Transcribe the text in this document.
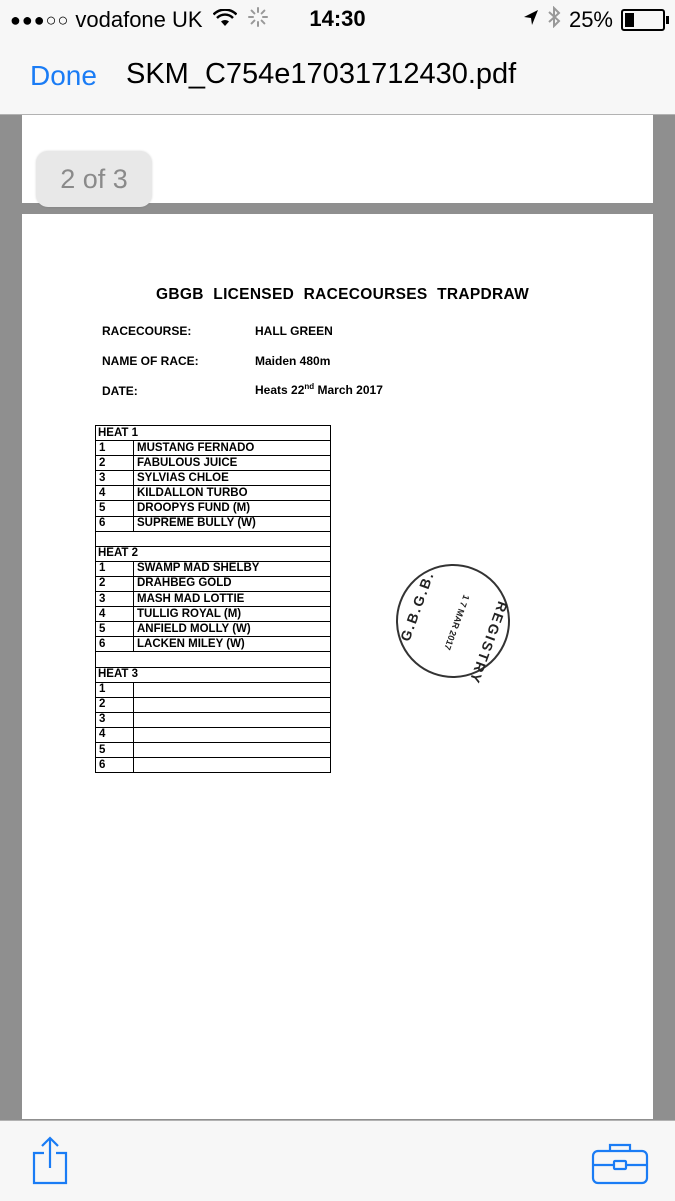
●●●○○ vodafone UK	14:30	25%
Done SKM_C754e17031712430.pdf
2 of 3
GBGB LICENSED RACECOURSES TRAPDRAW
RACECOURSE:	HALL GREEN
NAME OF RACE:	Maiden 480m
DATE:	Heats 22nd March 2017
HEAT 1	
1	MUSTANG FERNADO
2	FABULOUS JUICE
3	SYLVIAS CHLOE
4	KILDALLON TURBO
5	DROOPYS FUND (M)
6	SUPREME BULLY (W)

HEAT 2	
1	SWAMP MAD SHELBY
2	DRAHBEG GOLD
3	MASH MAD LOTTIE
4	TULLIG ROYAL (M)
5	ANFIELD MOLLY (W)
6	LACKEN MILEY (W)

HEAT 3	
1	
2	
3	
4	
5	
6	
REGISTRY
1 7 MAR 2017
G.B.G.B.
